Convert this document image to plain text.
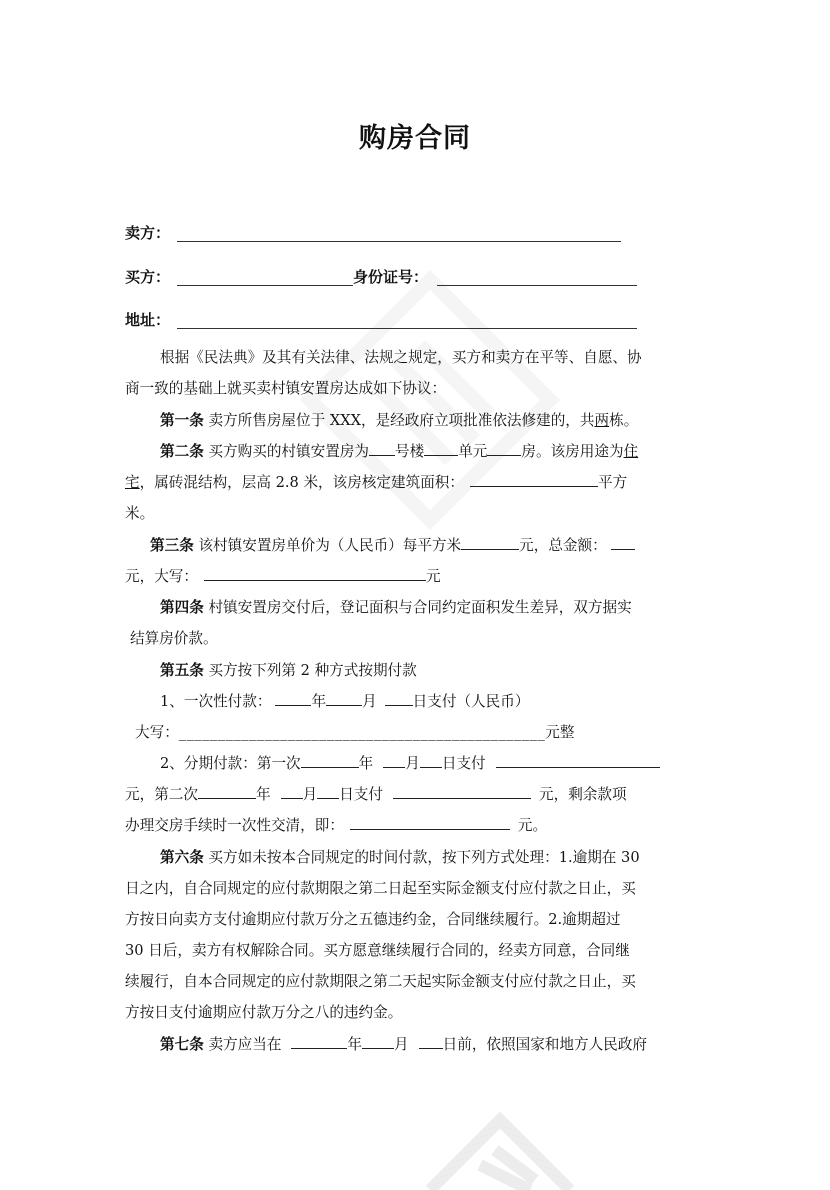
购房合同
卖方：
买方：	身份证号：
地址：
根据《民法典》及其有关法律、法规之规定，买方和卖方在平等、自愿、协
商一致的基础上就买卖村镇安置房达成如下协议：
第一条 卖方所售房屋位于 XXX，是经政府立项批准依法修建的，共两栋。
第二条 买方购买的村镇安置房为 号楼 单元 房。该房用途为住
宅，属砖混结构，层高 2.8 米，该房核定建筑面积：	平方
米。
第三条 该村镇安置房单价为（人民币）每平方米	元，总金额：
元，大写：	元
第四条 村镇安置房交付后，登记面积与合同约定面积发生差异，双方据实
结算房价款。
第五条 买方按下列第 2 种方式按期付款
1、一次性付款：	年 月 日支付（人民币）
大写：_______________________________________________元整
2、分期付款：第一次	年 月 日支付
元，第二次	年 月 日支付	元，剩余款项
办理交房手续时一次性交清，即：	元。
第六条 买方如未按本合同规定的时间付款，按下列方式处理：1.逾期在 30
日之内，自合同规定的应付款期限之第二日起至实际金额支付应付款之日止，买
方按日向卖方支付逾期应付款万分之五德违约金，合同继续履行。2.逾期超过
30 日后，卖方有权解除合同。买方愿意继续履行合同的，经卖方同意，合同继
续履行，自本合同规定的应付款期限之第二天起实际金额支付应付款之日止，买
方按日支付逾期应付款万分之八的违约金。
第七条 卖方应当在	年 月 日前，依照国家和地方人民政府
